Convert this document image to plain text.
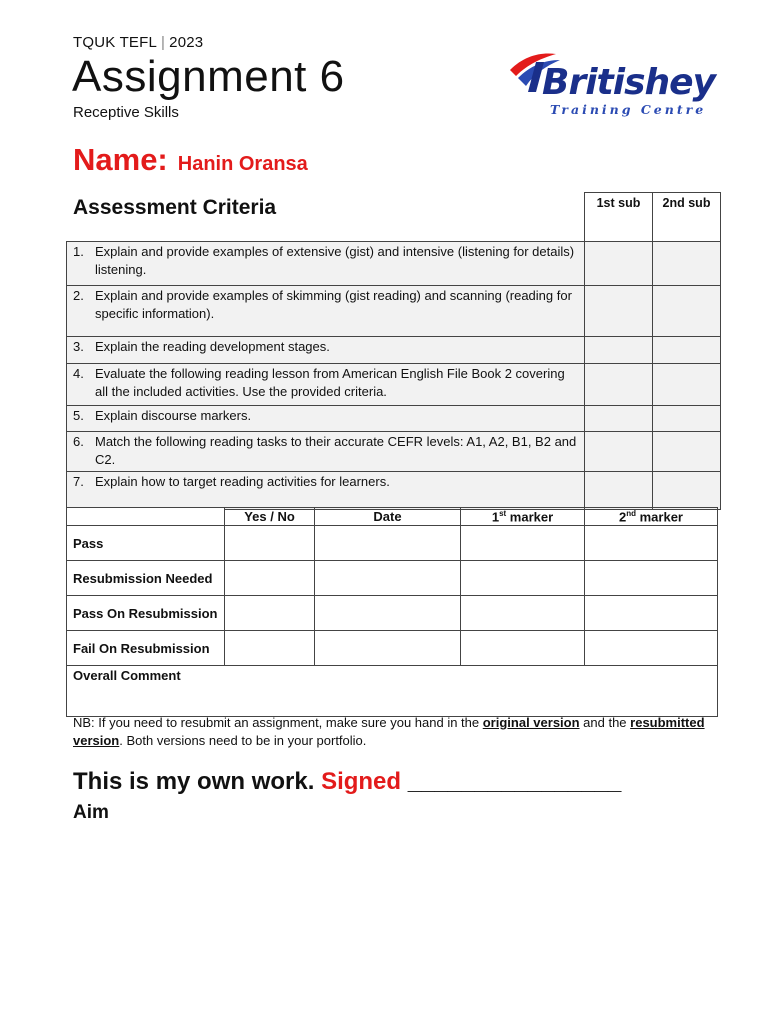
TQUK TEFL | 2023
Assignment 6
Receptive Skills
Britishey
Training Centre
Name: Hanin Oransa
Assessment Criteria	1st sub	2nd sub
1. Explain and provide examples of extensive (gist) and intensive (listening for details) listening.		
2. Explain and provide examples of skimming (gist reading) and scanning (reading for specific information).		
3. Explain the reading development stages.		
4. Evaluate the following reading lesson from American English File Book 2 covering all the included activities. Use the provided criteria.		
5. Explain discourse markers.		
6. Match the following reading tasks to their accurate CEFR levels: A1, A2, B1, B2 and C2.		
7. Explain how to target reading activities for learners.		
	Yes / No	Date	1st marker	2nd marker
Pass				
Resubmission Needed				
Pass On Resubmission				
Fail On Resubmission				
Overall Comment				
NB: If you need to resubmit an assignment, make sure you hand in the original version and the resubmitted version. Both versions need to be in your portfolio.
This is my own work. Signed ________________
Aim
